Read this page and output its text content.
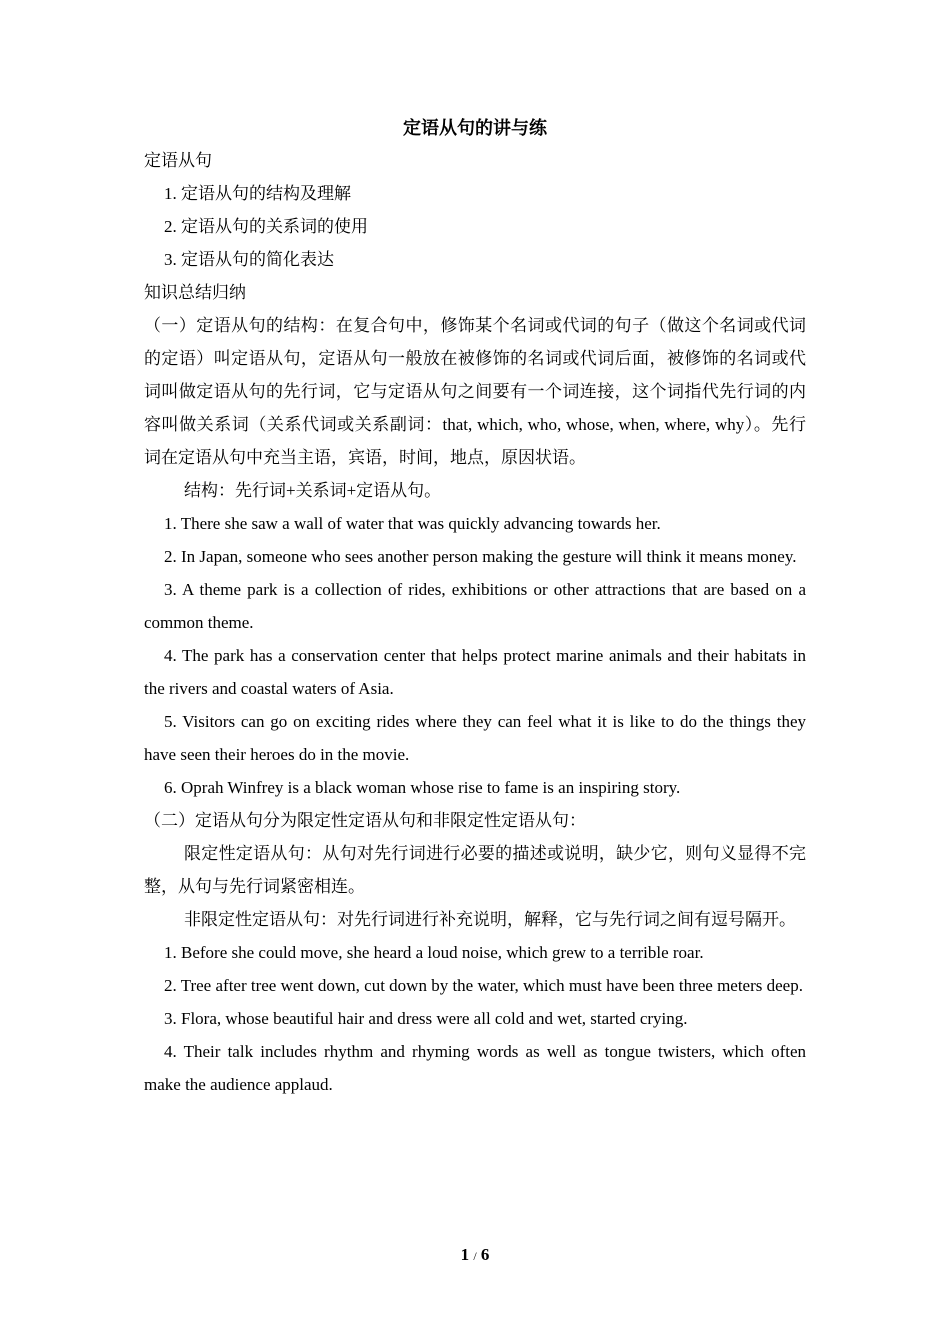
定语从句的讲与练
定语从句
1. 定语从句的结构及理解
2. 定语从句的关系词的使用
3. 定语从句的简化表达
知识总结归纳
（一）定语从句的结构：在复合句中，修饰某个名词或代词的句子（做这个名词或代词的定语）叫定语从句，定语从句一般放在被修饰的名词或代词后面，被修饰的名词或代词叫做定语从句的先行词，它与定语从句之间要有一个词连接，这个词指代先行词的内容叫做关系词（关系代词或关系副词：that, which, who, whose, when, where, why）。先行词在定语从句中充当主语，宾语，时间，地点，原因状语。
结构：先行词+关系词+定语从句。
1. There she saw a wall of water that was quickly advancing towards her.
2. In Japan, someone who sees another person making the gesture will think it means money.
3. A theme park is a collection of rides, exhibitions or other attractions that are based on a common theme.
4. The park has a conservation center that helps protect marine animals and their habitats in the rivers and coastal waters of Asia.
5. Visitors can go on exciting rides where they can feel what it is like to do the things they have seen their heroes do in the movie.
6. Oprah Winfrey is a black woman whose rise to fame is an inspiring story.
（二）定语从句分为限定性定语从句和非限定性定语从句：
限定性定语从句：从句对先行词进行必要的描述或说明，缺少它，则句义显得不完整，从句与先行词紧密相连。
非限定性定语从句：对先行词进行补充说明，解释，它与先行词之间有逗号隔开。
1. Before she could move, she heard a loud noise, which grew to a terrible roar.
2. Tree after tree went down, cut down by the water, which must have been three meters deep.
3. Flora, whose beautiful hair and dress were all cold and wet, started crying.
4. Their talk includes rhythm and rhyming words as well as tongue twisters, which often make the audience applaud.
1 / 6
